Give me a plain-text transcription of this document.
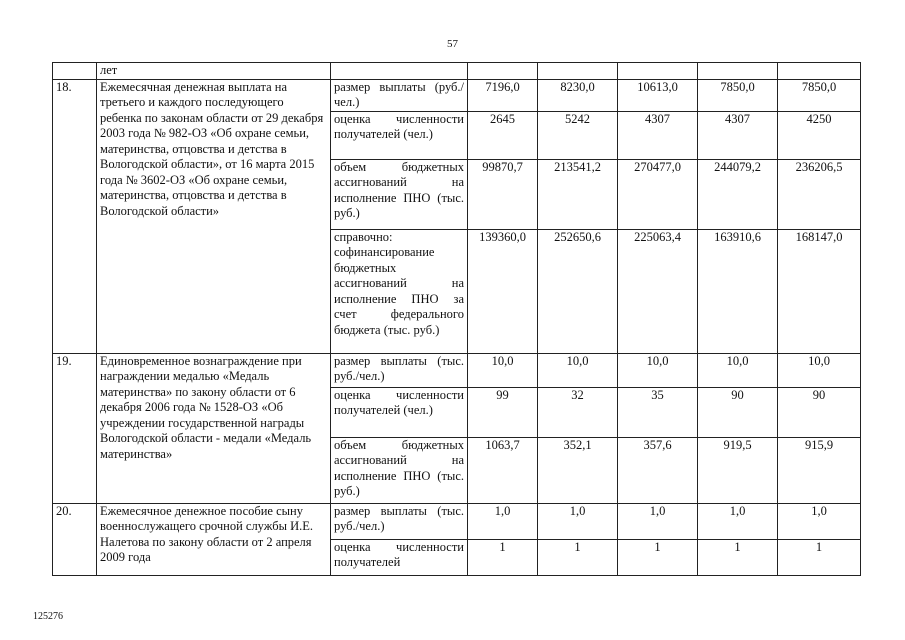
57
	лет						
18.	Ежемесячная денежная выплата на третьего и каждого последующего ребенка по законам области от 29 декабря 2003 года № 982-ОЗ «Об охране семьи, материнства, отцовства и детства в Вологодской области», от 16 марта 2015 года № 3602-ОЗ «Об охране семьи, материнства, отцовства и детства в Вологодской области»	размер выплаты (руб./чел.)	7196,0	8230,0	10613,0	7850,0	7850,0
		оценка численности получателей (чел.)	2645	5242	4307	4307	4250
		объем бюджетных ассигнований на исполнение ПНО (тыс. руб.)	99870,7	213541,2	270477,0	244079,2	236206,5
		справочно: софинансирование бюджетных ассигнований на исполнение ПНО за счет федерального бюджета (тыс. руб.)	139360,0	252650,6	225063,4	163910,6	168147,0
19.	Единовременное вознаграждение при награждении медалью «Медаль материнства» по закону области от 6 декабря 2006 года № 1528-ОЗ «Об учреждении государственной награды Вологодской области - медали «Медаль материнства»	размер выплаты (тыс. руб./чел.)	10,0	10,0	10,0	10,0	10,0
		оценка численности получателей (чел.)	99	32	35	90	90
		объем бюджетных ассигнований на исполнение ПНО (тыс. руб.)	1063,7	352,1	357,6	919,5	915,9
20.	Ежемесячное денежное пособие сыну военнослужащего срочной службы И.Е. Налетова по закону области от 2 апреля 2009 года	размер выплаты (тыс. руб./чел.)	1,0	1,0	1,0	1,0	1,0
		оценка численности получателей	1	1	1	1	1
125276
